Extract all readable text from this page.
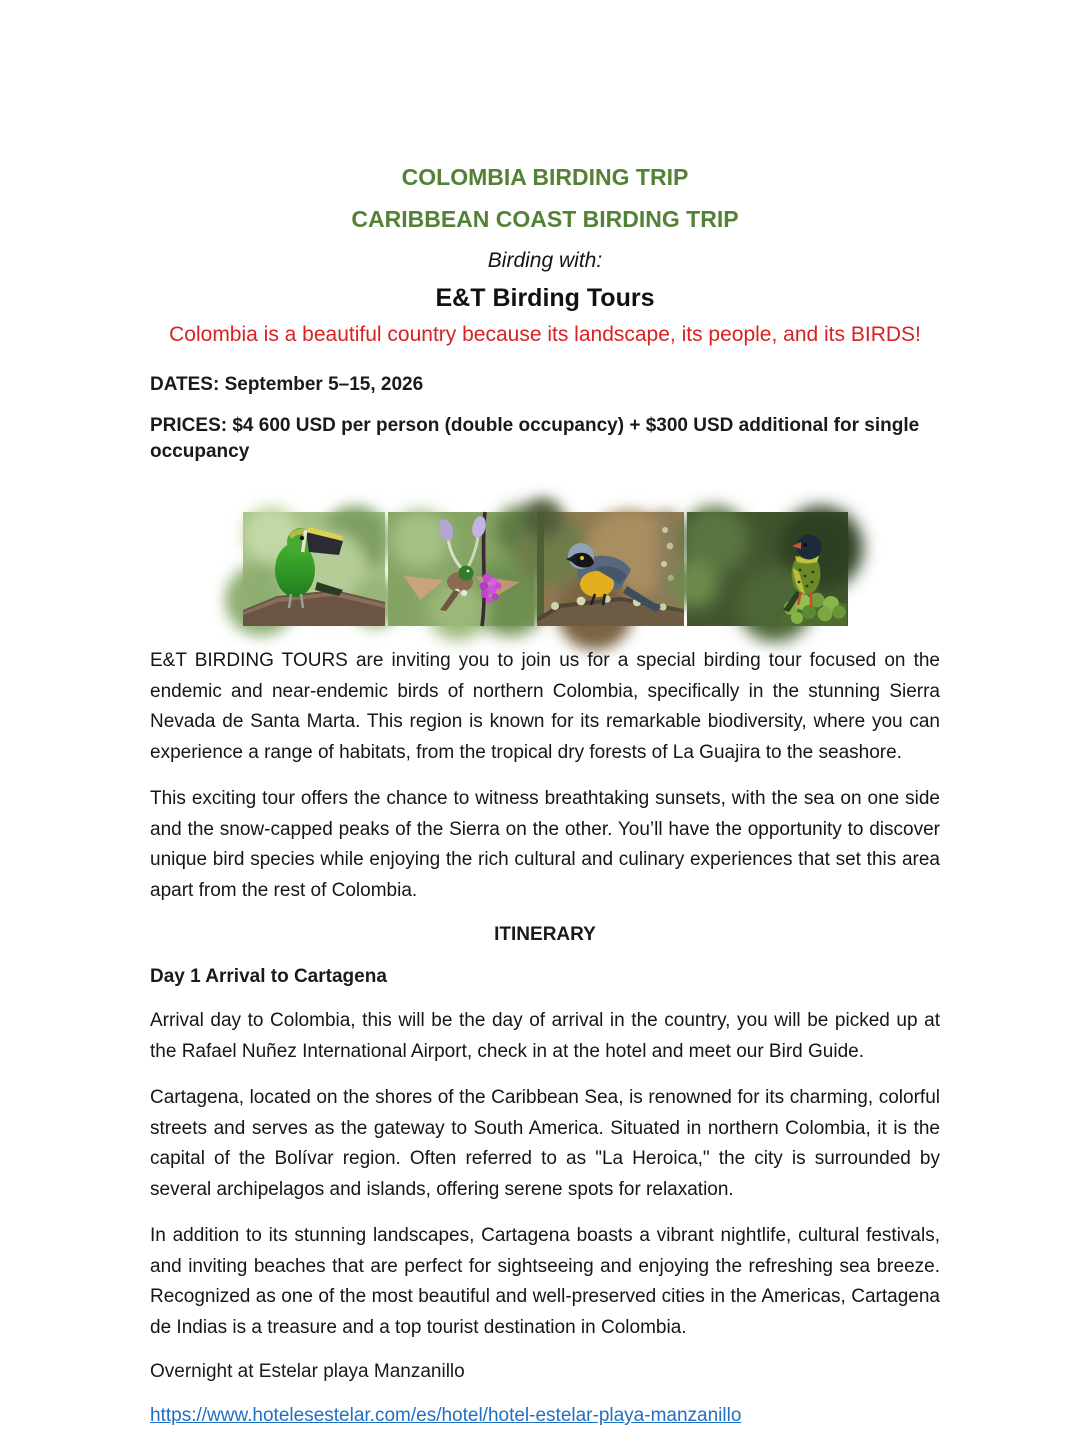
COLOMBIA BIRDING TRIP

CARIBBEAN COAST BIRDING TRIP

Birding with:

E&T Birding Tours

Colombia is a beautiful country because its landscape, its people, and its BIRDS!

DATES: September 5–15, 2026

PRICES: $4 600 USD per person (double occupancy) + $300 USD additional for single occupancy

E&T BIRDING TOURS are inviting you to join us for a special birding tour focused on the endemic and near-endemic birds of northern Colombia, specifically in the stunning Sierra Nevada de Santa Marta. This region is known for its remarkable biodiversity, where you can experience a range of habitats, from the tropical dry forests of La Guajira to the seashore.

This exciting tour offers the chance to witness breathtaking sunsets, with the sea on one side and the snow-capped peaks of the Sierra on the other. You’ll have the opportunity to discover unique bird species while enjoying the rich cultural and culinary experiences that set this area apart from the rest of Colombia.

ITINERARY

Day 1 Arrival to Cartagena

Arrival day to Colombia, this will be the day of arrival in the country, you will be picked up at the Rafael Nuñez International Airport, check in at the hotel and meet our Bird Guide.

Cartagena, located on the shores of the Caribbean Sea, is renowned for its charming, colorful streets and serves as the gateway to South America. Situated in northern Colombia, it is the capital of the Bolívar region. Often referred to as "La Heroica," the city is surrounded by several archipelagos and islands, offering serene spots for relaxation.

In addition to its stunning landscapes, Cartagena boasts a vibrant nightlife, cultural festivals, and inviting beaches that are perfect for sightseeing and enjoying the refreshing sea breeze. Recognized as one of the most beautiful and well-preserved cities in the Americas, Cartagena de Indias is a treasure and a top tourist destination in Colombia.

Overnight at Estelar playa Manzanillo

https://www.hotelesestelar.com/es/hotel/hotel-estelar-playa-manzanillo
